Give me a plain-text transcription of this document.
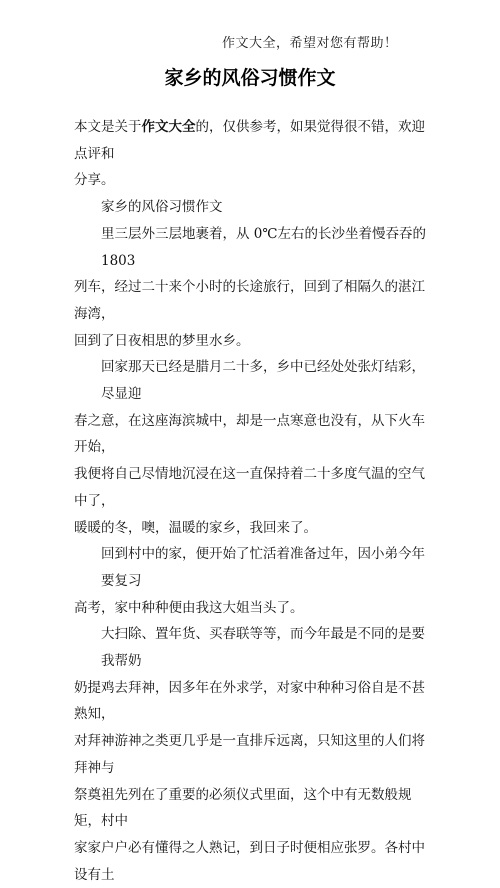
作文大全，希望对您有帮助！
家乡的风俗习惯作文

本文是关于作文大全的，仅供参考，如果觉得很不错，欢迎点评和

分享。

家乡的风俗习惯作文

里三层外三层地裹着，从 0℃左右的长沙坐着慢吞吞的 1803

列车，经过二十来个小时的长途旅行，回到了相隔久的湛江海湾，

回到了日夜相思的梦里水乡。

回家那天已经是腊月二十多，乡中已经处处张灯结彩，尽显迎

春之意，在这座海滨城中，却是一点寒意也没有，从下火车开始，

我便将自己尽情地沉浸在这一直保持着二十多度气温的空气中了，

暖暖的冬，噢，温暖的家乡，我回来了。

回到村中的家，便开始了忙活着准备过年，因小弟今年要复习

高考，家中种种便由我这大姐当头了。

大扫除、置年货、买春联等等，而今年最是不同的是要我帮奶

奶提鸡去拜神，因多年在外求学，对家中种种习俗自是不甚熟知，

对拜神游神之类更几乎是一直排斥远离，只知这里的人们将拜神与

祭奠祖先列在了重要的必须仪式里面，这个中有无数般规矩，村中

家家户户必有懂得之人熟记，到日子时便相应张罗。各村中设有土
